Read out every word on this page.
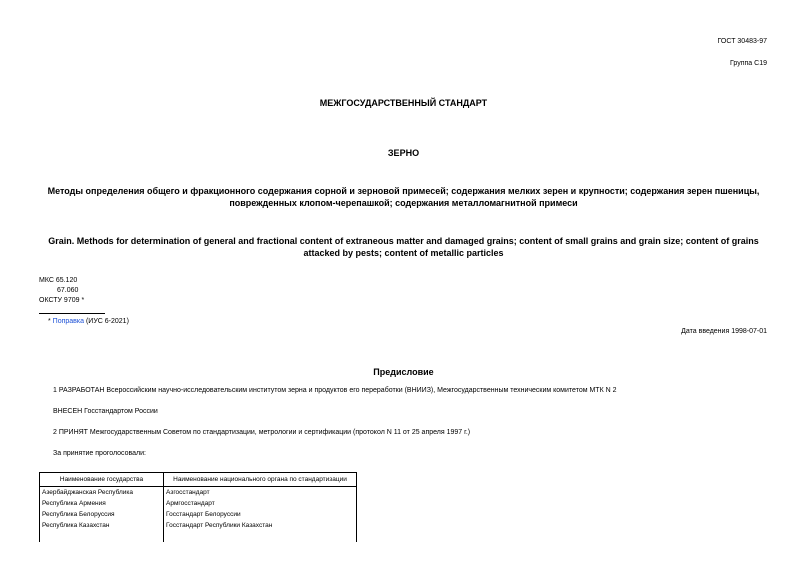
ГОСТ 30483-97
Группа С19
МЕЖГОСУДАРСТВЕННЫЙ СТАНДАРТ
ЗЕРНО
Методы определения общего и фракционного содержания сорной и зерновой примесей; содержания мелких зерен и крупности; содержания зерен пшеницы, поврежденных клопом-черепашкой; содержания металломагнитной примеси
Grain. Methods for determination of general and fractional content of extraneous matter and damaged grains; content of small grains and grain size; content of grains attacked by pests; content of metallic particles
МКС 65.120
67.060
ОКСТУ 9709 *
* Поправка (ИУС 6-2021)
Дата введения 1998-07-01
Предисловие
1 РАЗРАБОТАН Всероссийским научно-исследовательским институтом зерна и продуктов его переработки (ВНИИЗ), Межгосударственным техническим комитетом МТК N 2
ВНЕСЕН Госстандартом России
2 ПРИНЯТ Межгосударственным Советом по стандартизации, метрологии и сертификации (протокол N 11 от 25 апреля 1997 г.)
За принятие проголосовали:
Наименование государства	Наименование национального органа по стандартизации
Азербайджанская Республика	Азгосстандарт
Республика Армения	Армгосстандарт
Республика Белоруссия	Госстандарт Белоруссии
Республика Казахстан	Госстандарт Республики Казахстан
